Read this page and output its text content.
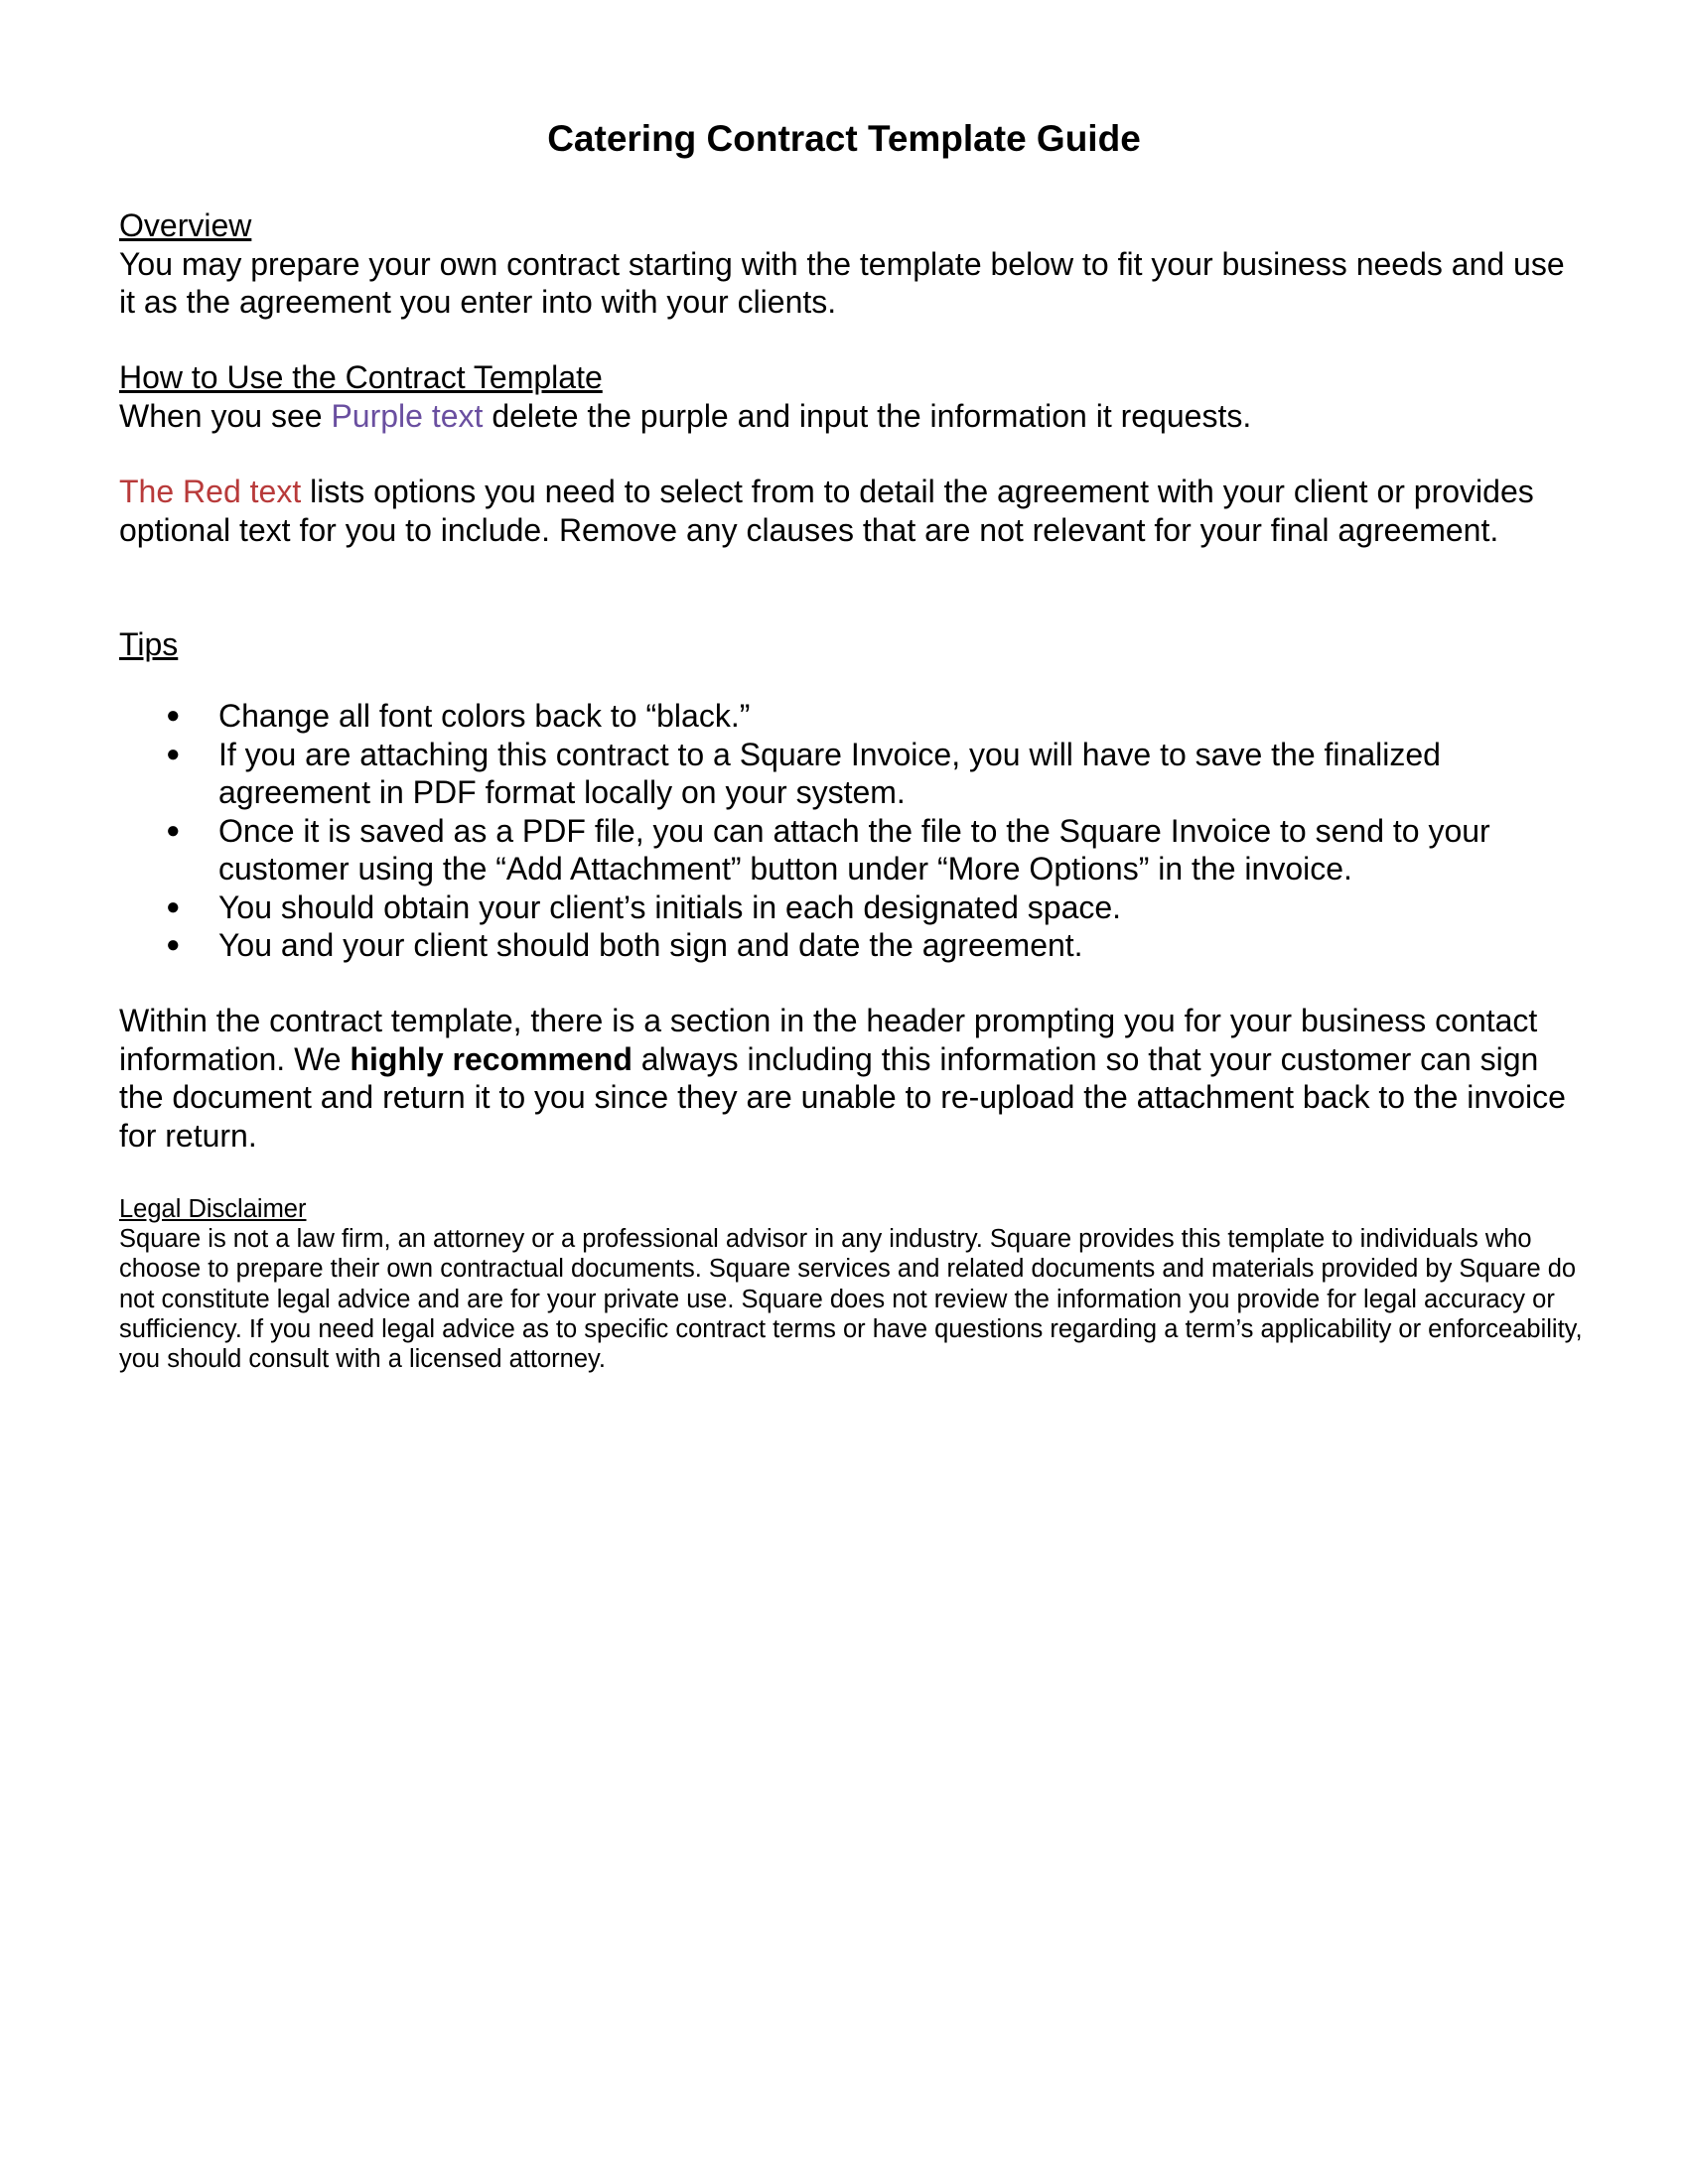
Catering Contract Template Guide
Overview
You may prepare your own contract starting with the template below to fit your business needs and use it as the agreement you enter into with your clients.
How to Use the Contract Template
When you see Purple text delete the purple and input the information it requests.
The Red text lists options you need to select from to detail the agreement with your client or provides optional text for you to include. Remove any clauses that are not relevant for your final agreement.
Tips
● Change all font colors back to “black.”
● If you are attaching this contract to a Square Invoice, you will have to save the finalized agreement in PDF format locally on your system.
● Once it is saved as a PDF file, you can attach the file to the Square Invoice to send to your customer using the “Add Attachment” button under “More Options” in the invoice.
● You should obtain your client’s initials in each designated space.
● You and your client should both sign and date the agreement.
Within the contract template, there is a section in the header prompting you for your business contact information. We highly recommend always including this information so that your customer can sign the document and return it to you since they are unable to re-upload the attachment back to the invoice for return.
Legal Disclaimer
Square is not a law firm, an attorney or a professional advisor in any industry. Square provides this template to individuals who choose to prepare their own contractual documents. Square services and related documents and materials provided by Square do not constitute legal advice and are for your private use. Square does not review the information you provide for legal accuracy or sufficiency. If you need legal advice as to specific contract terms or have questions regarding a term’s applicability or enforceability, you should consult with a licensed attorney.
